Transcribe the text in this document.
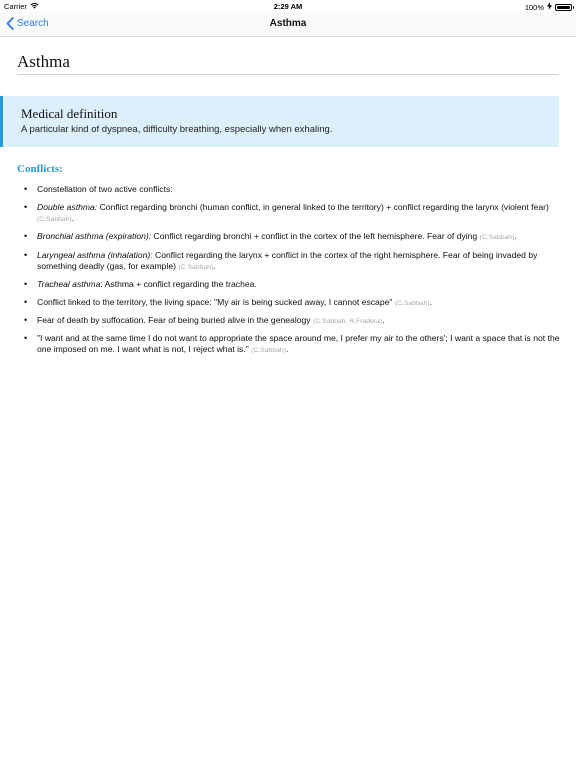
Carrier	2:29 AM	100%
Search	Asthma
Asthma
Medical definition
A particular kind of dyspnea, difficulty breathing, especially when exhaling.
Conflicts:
• Constellation of two active conflicts:
• Double asthma: Conflict regarding bronchi (human conflict, in general linked to the territory) + conflict regarding the larynx (violent fear) (C.Sabbah).
• Bronchial asthma (expiration): Conflict regarding bronchi + conflict in the cortex of the left hemisphere. Fear of dying (C.Sabbah).
• Laryngeal asthma (inhalation): Conflict regarding the larynx + conflict in the cortex of the right hemisphere. Fear of being invaded by something deadly (gas, for example) (C.Sabbah).
• Tracheal asthma: Asthma + conflict regarding the trachea.
• Conflict linked to the territory, the living space: "My air is being sucked away, I cannot escape" (C.Sabbah).
• Fear of death by suffocation. Fear of being buried alive in the genealogy (C.Sabbah, R.Fradera).
• "I want and at the same time I do not want to appropriate the space around me, I prefer my air to the others'; I want a space that is not the one imposed on me. I want what is not, I reject what is." (C.Sabbah).
